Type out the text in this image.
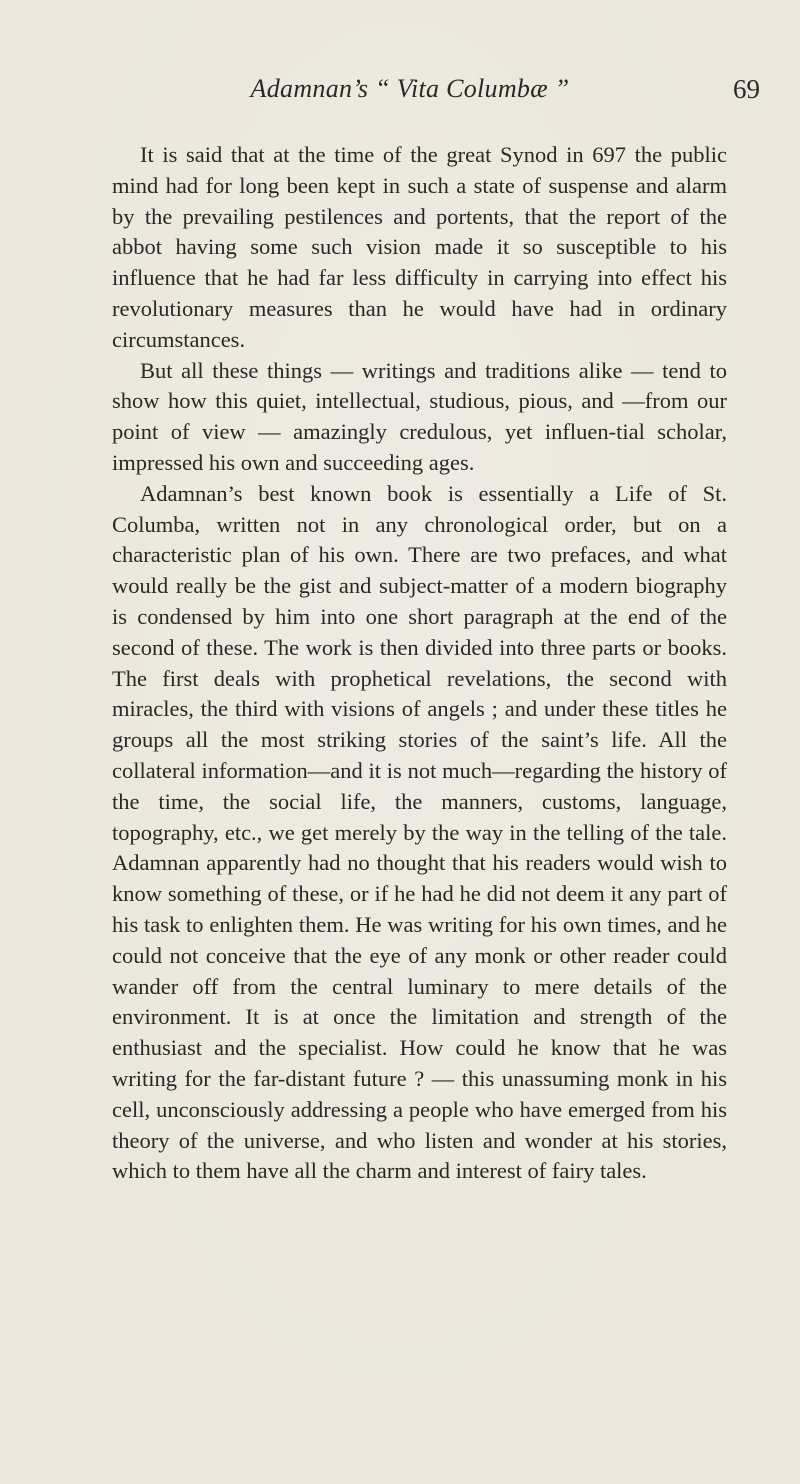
Adamnan’s “ Vita Columbæ ”	69

It is said that at the time of the great Synod in 697 the public mind had for long been kept in such a state of suspense and alarm by the prevailing pestilences and portents, that the report of the abbot having some such vision made it so susceptible to his influence that he had far less difficulty in carrying into effect his revolutionary measures than he would have had in ordinary circumstances.

But all these things — writings and traditions alike — tend to show how this quiet, intellectual, studious, pious, and —from our point of view — amazingly credulous, yet influen-tial scholar, impressed his own and succeeding ages.

Adamnan’s best known book is essentially a Life of St. Columba, written not in any chronological order, but on a characteristic plan of his own. There are two prefaces, and what would really be the gist and subject-matter of a modern biography is condensed by him into one short paragraph at the end of the second of these. The work is then divided into three parts or books. The first deals with prophetical revelations, the second with miracles, the third with visions of angels ; and under these titles he groups all the most striking stories of the saint’s life. All the collateral information—and it is not much—regarding the history of the time, the social life, the manners, customs, language, topography, etc., we get merely by the way in the telling of the tale. Adamnan apparently had no thought that his readers would wish to know something of these, or if he had he did not deem it any part of his task to enlighten them. He was writing for his own times, and he could not conceive that the eye of any monk or other reader could wander off from the central luminary to mere details of the environment. It is at once the limitation and strength of the enthusiast and the specialist. How could he know that he was writing for the far-distant future ? — this unassuming monk in his cell, unconsciously addressing a people who have emerged from his theory of the universe, and who listen and wonder at his stories, which to them have all the charm and interest of fairy tales.
